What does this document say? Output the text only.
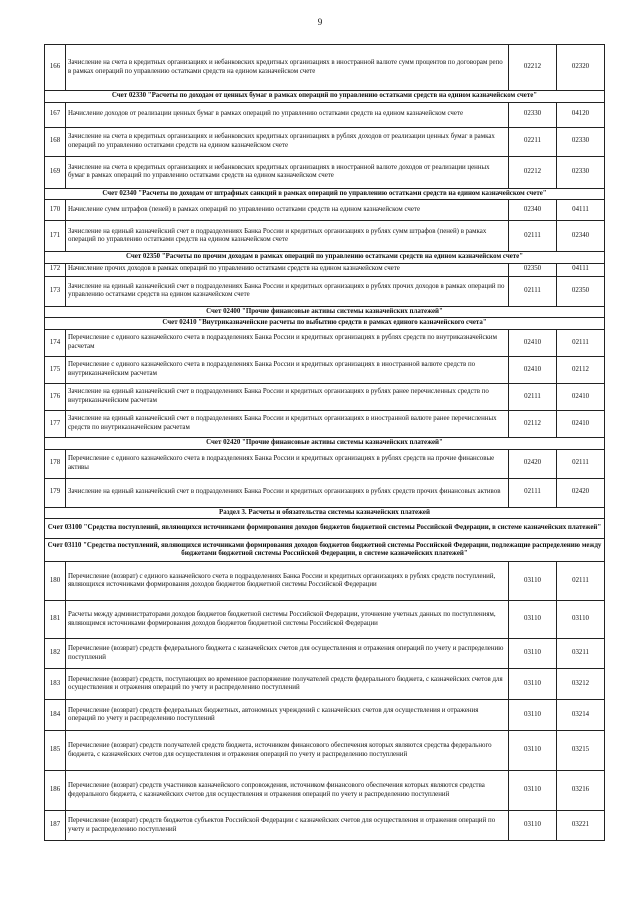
9
166	Зачисление на счета в кредитных организациях и небанковских кредитных организациях в иностранной валюте сумм процентов по договорам репо в рамках операций по управлению остатками средств на едином казначейском счете	02212	02320
Счет 02330 "Расчеты по доходам от ценных бумаг в рамках операций по управлению остатками средств на едином казначейском счете"			
167	Начисление доходов от реализации ценных бумаг в рамках операций по управлению остатками средств на едином казначейском счете	02330	04120
168	Зачисление на счета в кредитных организациях и небанковских кредитных организациях в рублях доходов от реализации ценных бумаг в рамках операций по управлению остатками средств на едином казначейском счете	02211	02330
169	Зачисление на счета в кредитных организациях и небанковских кредитных организациях в иностранной валюте доходов от реализации ценных бумаг в рамках операций по управлению остатками средств на едином казначейском счете	02212	02330
Счет 02340 "Расчеты по доходам от штрафных санкций в рамках операций по управлению остатками средств на едином казначейском счете"			
170	Начисление сумм штрафов (пеней) в рамках операций по управлению остатками средств на едином казначейском счете	02340	04111
171	Зачисление на единый казначейский счет в подразделениях Банка России и кредитных организациях в рублях сумм штрафов (пеней) в рамках операций по управлению остатками средств на едином казначейском счете	02111	02340
Счет 02350 "Расчеты по прочим доходам в рамках операций по управлению остатками средств на едином казначейском счете"			
172	Начисление прочих доходов в рамках операций по управлению остатками средств на едином казначейском счете	02350	04111
173	Зачисление на единый казначейский счет в подразделениях Банка России и кредитных организациях в рублях прочих доходов в рамках операций по управлению остатками средств на едином казначейском счете	02111	02350
Счет 02400 "Прочие финансовые активы системы казначейских платежей"			
Счет 02410 "Внутриказначейские расчеты по выбытию средств в рамках единого казначейского счета"			
174	Перечисление с единого казначейского счета в подразделениях Банка России и кредитных организациях в рублях средств по внутриказначейским расчетам	02410	02111
175	Перечисление с единого казначейского счета в подразделениях Банка России и кредитных организациях в иностранной валюте средств по внутриказначейским расчетам	02410	02112
176	Зачисление на единый казначейский счет в подразделениях Банка России и кредитных организациях в рублях ранее перечисленных средств по внутриказначейским расчетам	02111	02410
177	Зачисление на единый казначейский счет в подразделениях Банка России и кредитных организациях в иностранной валюте ранее перечисленных средств по внутриказначейским расчетам	02112	02410
Счет 02420 "Прочие финансовые активы системы казначейских платежей"			
178	Перечисление с единого казначейского счета в подразделениях Банка России и кредитных организациях в рублях средств на прочие финансовые активы	02420	02111
179	Зачисление на единый казначейский счет в подразделениях Банка России и кредитных организациях в рублях средств прочих финансовых активов	02111	02420
Раздел 3. Расчеты и обязательства системы казначейских платежей			
Счет 03100 "Средства поступлений, являющихся источниками формирования доходов бюджетов бюджетной системы Российской Федерации, в системе казначейских платежей"			
Счет 03110 "Средства поступлений, являющихся источниками формирования доходов бюджетов бюджетной системы Российской Федерации, подлежащие распределению между бюджетами бюджетной системы Российской Федерации, в системе казначейских платежей"			
180	Перечисление (возврат) с единого казначейского счета в подразделениях Банка России и кредитных организациях в рублях средств поступлений, являющихся источниками формирования доходов бюджетов бюджетной системы Российской Федерации	03110	02111
181	Расчеты между администраторами доходов бюджетов бюджетной системы Российской Федерации, уточнение учетных данных по поступлениям, являющимся источниками формирования доходов бюджетов бюджетной системы Российской Федерации	03110	03110
182	Перечисление (возврат) средств федерального бюджета с казначейских счетов для осуществления и отражения операций по учету и распределению поступлений	03110	03211
183	Перечисление (возврат) средств, поступающих во временное распоряжение получателей средств федерального бюджета, с казначейских счетов для осуществления и отражения операций по учету и распределению поступлений	03110	03212
184	Перечисление (возврат) средств федеральных бюджетных, автономных учреждений с казначейских счетов для осуществления и отражения операций по учету и распределению поступлений	03110	03214
185	Перечисление (возврат) средств получателей средств бюджета, источником финансового обеспечения которых являются средства федерального бюджета, с казначейских счетов для осуществления и отражения операций по учету и распределению поступлений	03110	03215
186	Перечисление (возврат) средств участников казначейского сопровождения, источником финансового обеспечения которых являются средства федерального бюджета, с казначейских счетов для осуществления и отражения операций по учету и распределению поступлений	03110	03216
187	Перечисление (возврат) средств бюджетов субъектов Российской Федерации с казначейских счетов для осуществления и отражения операций по учету и распределению поступлений	03110	03221
